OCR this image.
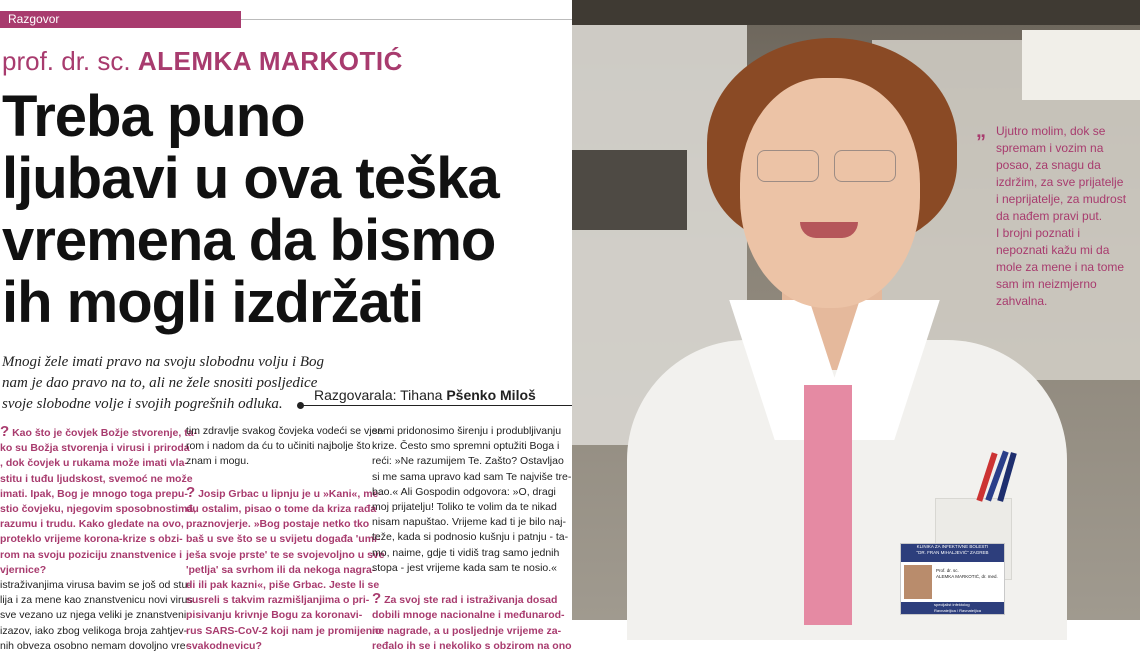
Razgovor
prof. dr. sc. ALEMKA MARKOTIĆ
Treba puno
ljubavi u ova teška
vremena da bismo
ih mogli izdržati
Mnogi žele imati pravo na svoju slobodnu volju i Bog
nam je dao pravo na to, ali ne žele snositi posljedice
svoje slobodne volje i svojih pogrešnih odluka.
Razgovarala: Tihana Pšenko Miloš

? Kao što je čovjek Božje stvorenje, ta-

ko su Božja stvorenja i virusi i priroda

, dok čovjek u rukama može imati vla-

stitu i tuđu ljudskost, svemoć ne može

imati. Ipak, Bog je mnogo toga prepu-

stio čovjeku, njegovim sposobnostima,

razumu i trudu. Kako gledate na ovo,

proteklo vrijeme korona-krize s obzi-

rom na svoju poziciju znanstvenice i

vjernice?

istraživanjima virusa bavim se još od stu-

lija i za mene kao znanstvenicu novi virus

sve vezano uz njega veliki je znanstveni

izazov, iako zbog velikoga broja zahtjev-

nih obveza osobno nemam dovoljno vre-

tim zdravlje svakog čovjeka vodeći se vjer-

rom i nadom da ću to učiniti najbolje što

znam i mogu.

? Josip Grbac u lipnju je u »Kani«, me-

đu ostalim, pisao o tome da kriza rađa

praznovjerje. »Bog postaje netko tko

baš u sve što se u svijetu događa 'umi-

ješa svoje prste' te se svojevoljno u sve

'petlja' sa svrhom ili da nekoga nagra-

di ili pak kazni«, piše Grbac. Jeste li se

susreli s takvim razmišljanjima o pri-

pisivanju krivnje Bogu za koronavi-

rus SARS-CoV-2 koji nam je promijenio

svakodnevicu?

sami pridonosimo širenju i produbljivanju

krize. Često smo spremni optužiti Boga i

reći: »Ne razumijem Te. Zašto? Ostavljao

si me sama upravo kad sam Te najviše tre-

bao.« Ali Gospodin odgovora: »O, dragi

moj prijatelju! Toliko te volim da te nikad

nisam napuštao. Vrijeme kad ti je bilo naj-

teže, kada si podnosio kušnju i patnju - ta-

mo, naime, gdje ti vidiš trag samo jednih

stopa - jest vrijeme kada sam te nosio.«

? Za svoj ste rad i istraživanja dosad

dobili mnoge nacionalne i međunarod-

ne nagrade, a u posljednje vrijeme za-

ređalo ih se i nekoliko s obzirom na ono

KLINIKA ZA INFEKTIVNE BOLESTI
"DR. FRAN MIHALJEVIĆ" ZAGREB
Prof. dr. sc.
ALEMKA MARKOTIĆ, dr. med.
specijalist infektolog
Ravnateljica / Ravnateljica
„ Ujutro molim, dok se
spremam i vozim na
posao, za snagu da
izdržim, za sve prijatelje
i neprijatelje, za mudrost
da nađem pravi put.
I brojni poznati i
nepoznati kažu mi da
mole za mene i na tome
sam im neizmjerno
zahvalna.
